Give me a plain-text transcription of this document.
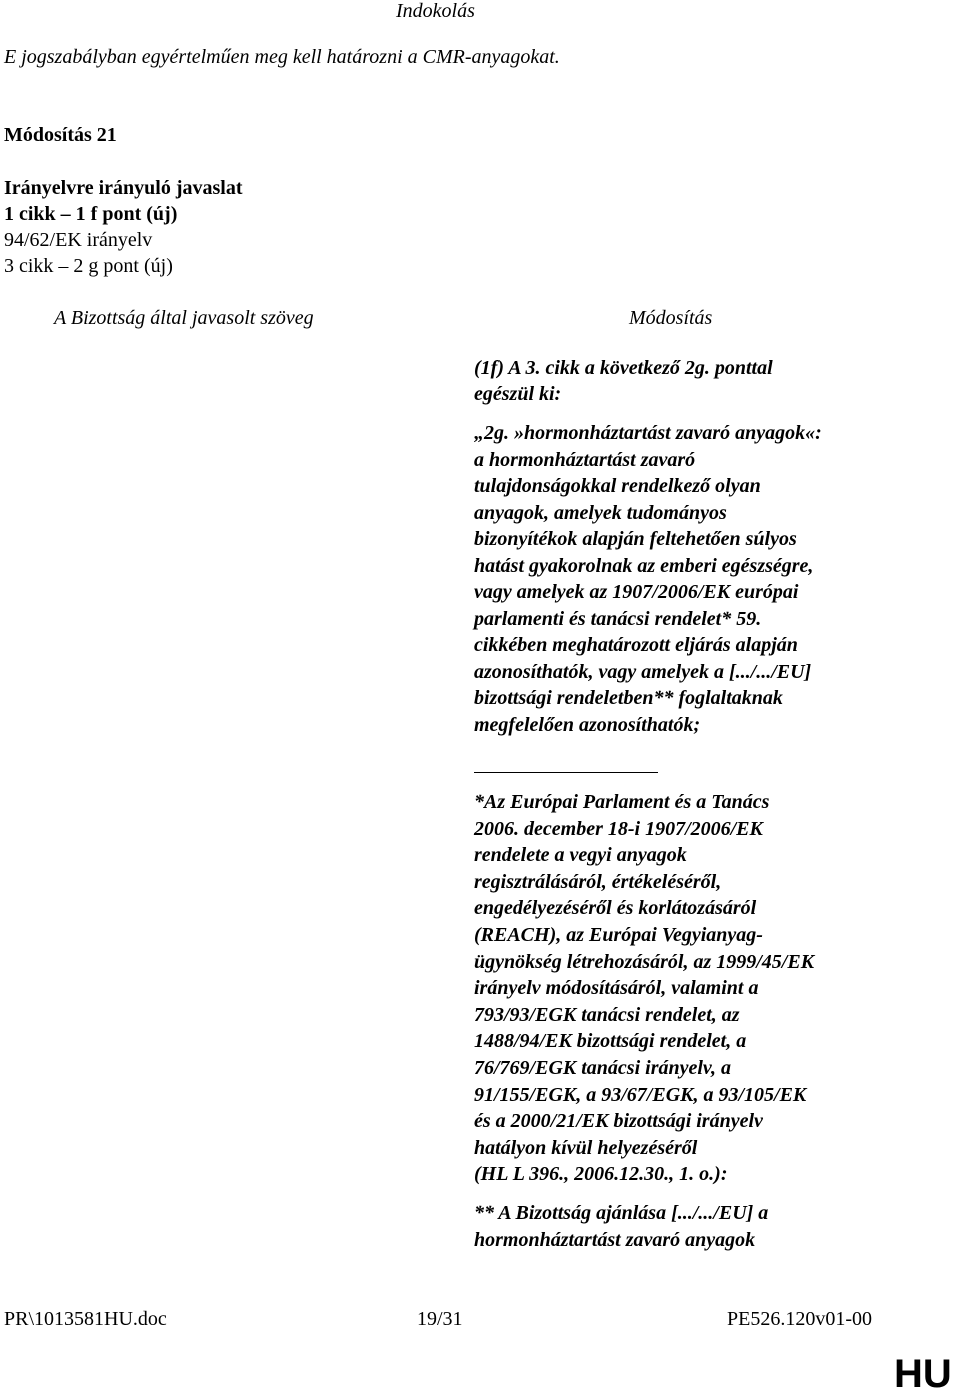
Indokolás
E jogszabályban egyértelműen meg kell határozni a CMR-anyagokat.
Módosítás 21
Irányelvre irányuló javaslat
1 cikk – 1 f pont (új)
94/62/EK irányelv
3 cikk – 2 g pont (új)
A Bizottság által javasolt szöveg	Módosítás
(1f) A 3. cikk a következő 2g. ponttal
egészül ki:
„2g. »hormonháztartást zavaró anyagok«:
a hormonháztartást zavaró
tulajdonságokkal rendelkező olyan
anyagok, amelyek tudományos
bizonyítékok alapján feltehetően súlyos
hatást gyakorolnak az emberi egészségre,
vagy amelyek az 1907/2006/EK európai
parlamenti és tanácsi rendelet* 59.
cikkében meghatározott eljárás alapján
azonosíthatók, vagy amelyek a [.../.../EU]
bizottsági rendeletben** foglaltaknak
megfelelően azonosíthatók;
*Az Európai Parlament és a Tanács
2006. december 18-i 1907/2006/EK
rendelete a vegyi anyagok
regisztrálásáról, értékeléséről,
engedélyezéséről és korlátozásáról
(REACH), az Európai Vegyianyag-
ügynökség létrehozásáról, az 1999/45/EK
irányelv módosításáról, valamint a
793/93/EGK tanácsi rendelet, az
1488/94/EK bizottsági rendelet, a
76/769/EGK tanácsi irányelv, a
91/155/EGK, a 93/67/EGK, a 93/105/EK
és a 2000/21/EK bizottsági irányelv
hatályon kívül helyezéséről
(HL L 396., 2006.12.30., 1. o.):
** A Bizottság ajánlása [.../.../EU] a
hormonháztartást zavaró anyagok
PR\1013581HU.doc	19/31	PE526.120v01-00
HU
